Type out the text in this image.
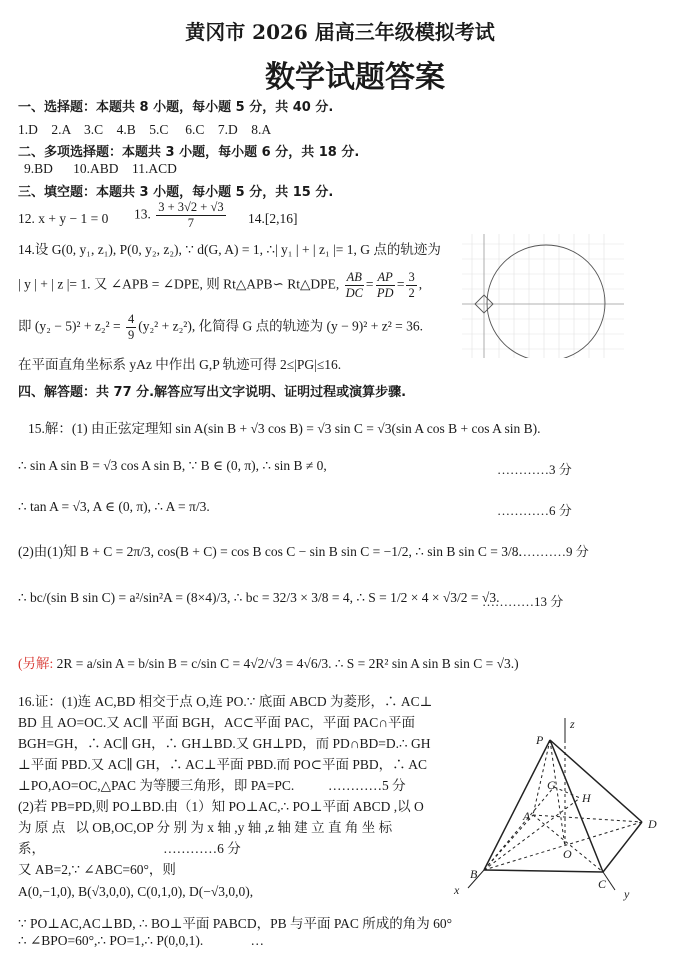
黄冈市 2026 届高三年级模拟考试
数学试题答案
一、选择题：本题共 8 小题，每小题 5 分，共 40 分.
1.D    2.A    3.C    4.B    5.C     6.C    7.D    8.A
二、多项选择题：本题共 3 小题，每小题 6 分，共 18 分.
9.BD      10.ABD    11.ACD
三、填空题：本题共 3 小题，每小题 5 分，共 15 分.
12. x + y − 1 = 0 13. $\frac{3 + 3√2 + √3}{7} 14.[2,16]$
14.设 G(0, y₁, z₁), P(0, y₂, z₂), ∵ d(G, A) = 1, ∴| y₁ | + | z₁ |= 1, G 点的轨迹为
| y | + | z |= 1. 又 ∠APB = ∠DPE, 则 Rt△APB∽ Rt△DPE, $\frac{AB}{DC} = \frac{AP}{PD} = \frac{3}{2}$ ,
即 $(y_2 - 5)^2 + z_2^2 = \frac{4}{9} (y_2^2 + z_2^2)$, 化简得 G 点的轨迹为 (y − 9)² + z² = 36.
在平面直角坐标系 yAz 中作出 G,P 轨迹可得 2≤|PG|≤16.
四、解答题：共 77 分.解答应写出文字说明、证明过程或演算步骤.
15.解：(1) 由正弦定理知 sin A(sin B + √3 cos B) = √3 sin C = √3(sin A cos B + cos A sin B).
∴ sin A sin B = √3 cos A sin B, ∵ B ∈ (0, π), ∴ sin B ≠ 0,	…………3 分
∴ tan A = √3, A ∈ (0, π), ∴ A = π/3.	…………6 分
(2)由(1)知 B + C = 2π/3, cos(B + C) = cos B cos C − sin B sin C = −1/2, ∴ sin B sin C = 3/8.
…………9 分
∴ bc/(sin B sin C) = a²/sin²A = (8×4)/3, ∴ bc = 32/3 × 3/8 = 4, ∴ S = 1/2 × 4 × √3/2 = √3.
…………13 分
(另解: 2R = a/sin A = b/sin B = c/sin C = 4√2/√3 = 4√6/3. ∴ S = 2R² sin A sin B sin C = √3.)
16.证：(1)连 AC,BD 相交于点 O,连 PO.∵ 底面 ABCD 为菱形，∴ AC⊥
BD 且 AO=OC.又 AC∥ 平面 BGH，AC⊂平面 PAC，平面 PAC∩平面
BGH=GH，∴ AC∥ GH，∴ GH⊥BD.又 GH⊥PD，而 PD∩BD=D.∴ GH
⊥平面 PBD.又 AC∥ GH，∴ AC⊥平面 PBD.而 PO⊂平面 PBD，∴ AC
⊥PO,AO=OC,△PAC 为等腰三角形，即 PA=PC.          …………5 分
(2)若 PB=PD,则 PO⊥BD.由（1）知 PO⊥AC,∴ PO⊥平面 ABCD ,以 O
为 原 点   以 OB,OC,OP 分 别 为 x 轴 ,y 轴 ,z 轴 建 立 直 角 坐 标
系，                                   …………6 分
又 AB=2,∵ ∠ABC=60°，则
A(0,−1,0), B(√3,0,0), C(0,1,0), D(−√3,0,0),
∵ PO⊥AC,AC⊥BD, ∴ BO⊥平面 PABCD，PB 与平面 PAC 所成的角为 60°
∴ ∠BPO=60°,∴ PO=1,∴ P(0,0,1).              …
P
z
G
H
A
O
B
C
D
x	y
